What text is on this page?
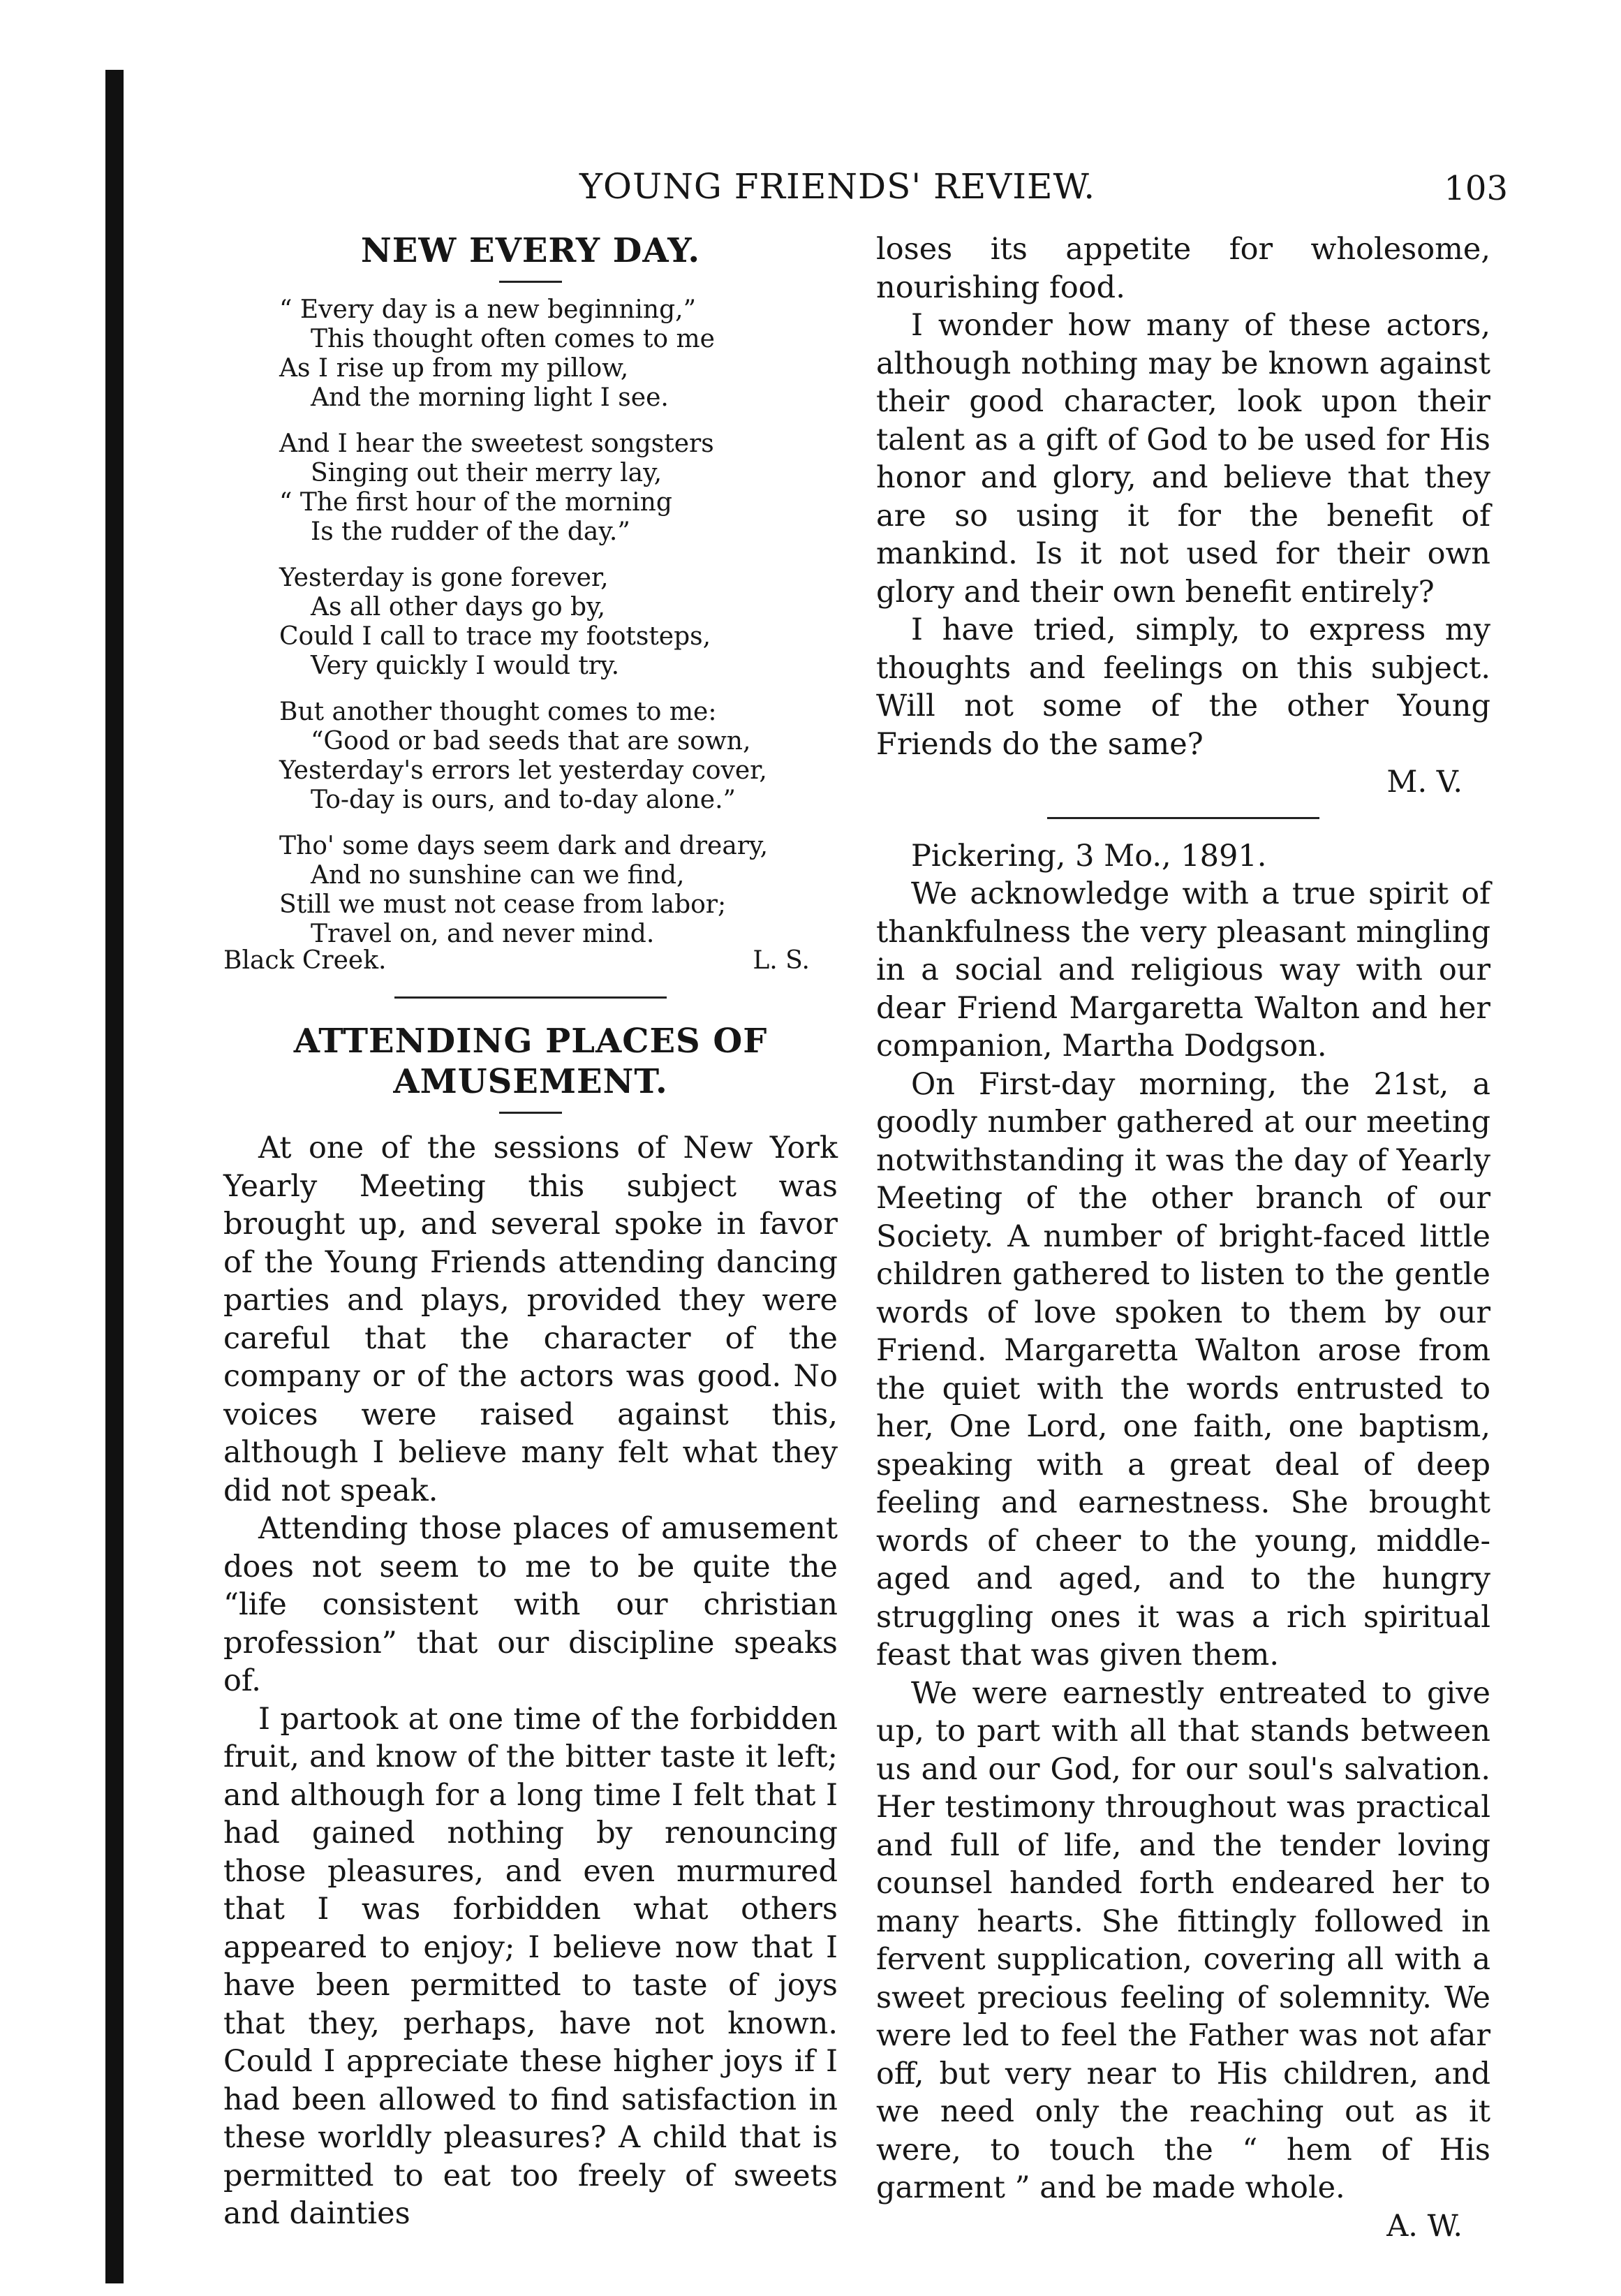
YOUNG FRIENDS' REVIEW.	103
NEW EVERY DAY.
“ Every day is a new beginning,”
This thought often comes to me
As I rise up from my pillow,
And the morning light I see.
And I hear the sweetest songsters
Singing out their merry lay,
“ The first hour of the morning
Is the rudder of the day.”
Yesterday is gone forever,
As all other days go by,
Could I call to trace my footsteps,
Very quickly I would try.
But another thought comes to me:
“Good or bad seeds that are sown,
Yesterday's errors let yesterday cover,
To-day is ours, and to-day alone.”
Tho' some days seem dark and dreary,
And no sunshine can we find,
Still we must not cease from labor;
Travel on, and never mind.
Black Creek.	L. S.
ATTENDING PLACES OF
AMUSEMENT.

At one of the sessions of New York Yearly Meeting this subject was brought up, and several spoke in favor of the Young Friends attending dancing parties and plays, provided they were careful that the character of the company or of the actors was good. No voices were raised against this, although I believe many felt what they did not speak.

Attending those places of amusement does not seem to me to be quite the “life consistent with our christian profession” that our discipline speaks of.

I partook at one time of the forbidden fruit, and know of the bitter taste it left; and although for a long time I felt that I had gained nothing by renouncing those pleasures, and even murmured that I was forbidden what others appeared to enjoy; I believe now that I have been permitted to taste of joys that they, perhaps, have not known. Could I appreciate these higher joys if I had been allowed to find satisfaction in these worldly pleasures? A child that is permitted to eat too freely of sweets and dainties

loses its appetite for wholesome, nourishing food.

I wonder how many of these actors, although nothing may be known against their good character, look upon their talent as a gift of God to be used for His honor and glory, and believe that they are so using it for the benefit of mankind. Is it not used for their own glory and their own benefit entirely?

I have tried, simply, to express my thoughts and feelings on this subject. Will not some of the other Young Friends do the same?

M. V.

Pickering, 3 Mo., 1891.

We acknowledge with a true spirit of thankfulness the very pleasant mingling in a social and religious way with our dear Friend Margaretta Walton and her companion, Martha Dodgson.

On First-day morning, the 21st, a goodly number gathered at our meeting notwithstanding it was the day of Yearly Meeting of the other branch of our Society. A number of bright-faced little children gathered to listen to the gentle words of love spoken to them by our Friend. Margaretta Walton arose from the quiet with the words entrusted to her, One Lord, one faith, one baptism, speaking with a great deal of deep feeling and earnestness. She brought words of cheer to the young, middle-aged and aged, and to the hungry struggling ones it was a rich spiritual feast that was given them.

We were earnestly entreated to give up, to part with all that stands between us and our God, for our soul's salvation. Her testimony throughout was practical and full of life, and the tender loving counsel handed forth endeared her to many hearts. She fittingly followed in fervent supplication, covering all with a sweet precious feeling of solemnity. We were led to feel the Father was not afar off, but very near to His children, and we need only the reaching out as it were, to touch the “ hem of His garment ” and be made whole.

A. W.
